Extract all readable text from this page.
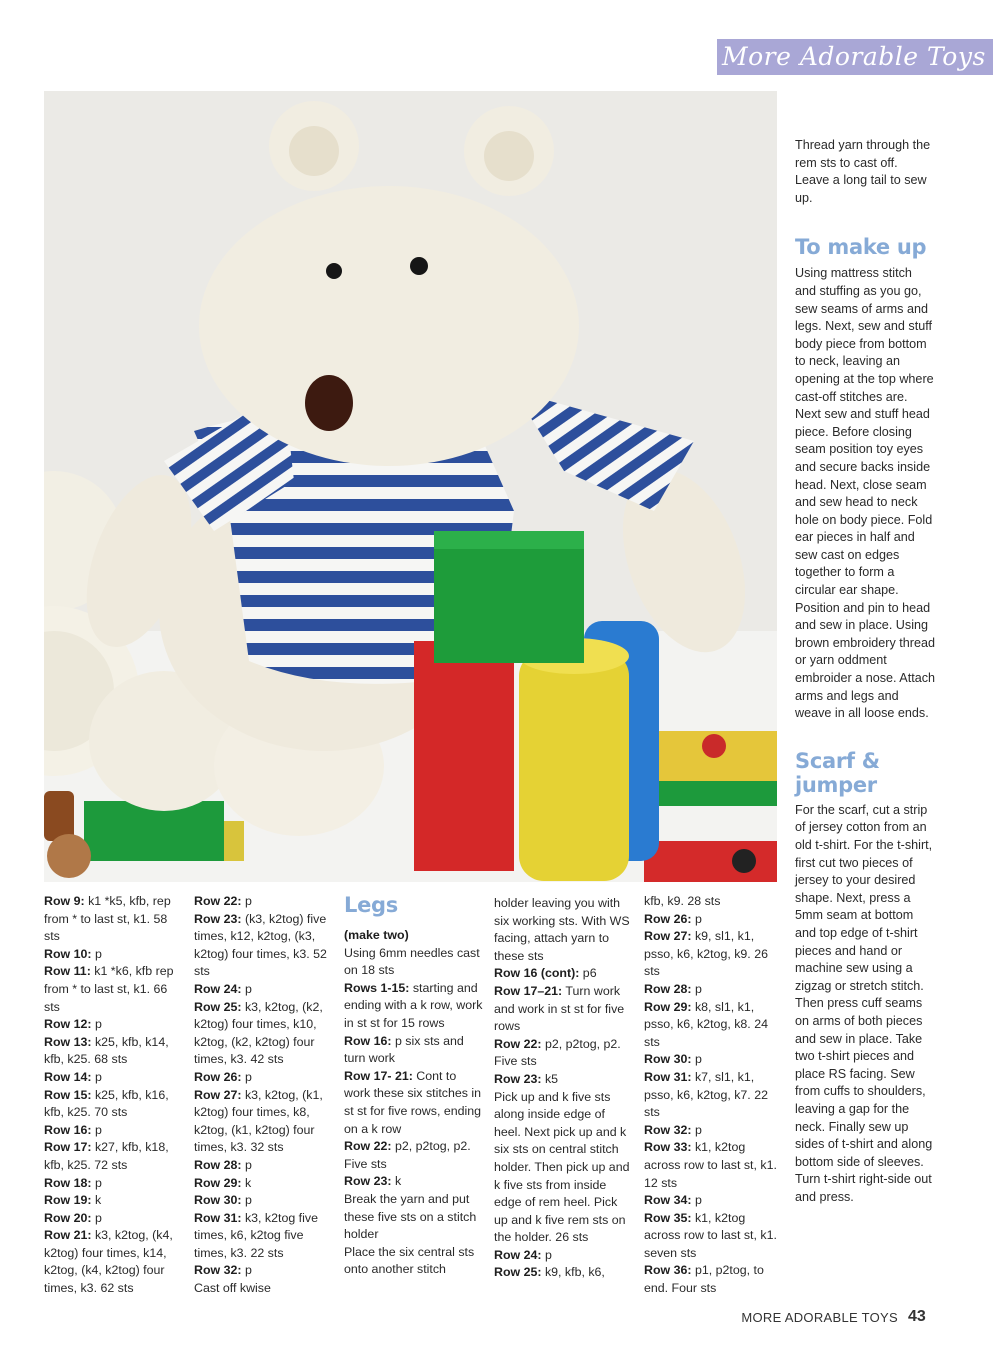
More Adorable Toys

Row 9: k1 *k5, kfb, rep from * to last st, k1. 58 sts

Row 10: p

Row 11: k1 *k6, kfb rep from * to last st, k1. 66 sts

Row 12: p

Row 13: k25, kfb, k14, kfb, k25. 68 sts

Row 14: p

Row 15: k25, kfb, k16, kfb, k25. 70 sts

Row 16: p

Row 17: k27, kfb, k18, kfb, k25. 72 sts

Row 18: p

Row 19: k

Row 20: p

Row 21: k3, k2tog, (k4, k2tog) four times, k14, k2tog, (k4, k2tog) four times, k3. 62 sts

Row 22: p

Row 23: (k3, k2tog) five times, k12, k2tog, (k3, k2tog) four times, k3. 52 sts

Row 24: p

Row 25: k3, k2tog, (k2, k2tog) four times, k10, k2tog, (k2, k2tog) four times, k3. 42 sts

Row 26: p

Row 27: k3, k2tog, (k1, k2tog) four times, k8, k2tog, (k1, k2tog) four times, k3. 32 sts

Row 28: p

Row 29: k

Row 30: p

Row 31: k3, k2tog five times, k6, k2tog five times, k3. 22 sts

Row 32: p

Cast off kwise

Legs

(make two)

Using 6mm needles cast on 18 sts

Rows 1-15: starting and ending with a k row, work in st st for 15 rows

Row 16: p six sts and turn work

Row 17- 21: Cont to work these six stitches in st st for five rows, ending on a k row

Row 22: p2, p2tog, p2. Five sts

Row 23: k

Break the yarn and put these five sts on a stitch holder

Place the six central sts onto another stitch

holder leaving you with six working sts. With WS facing, attach yarn to these sts

Row 16 (cont): p6

Row 17–21: Turn work and work in st st for five rows

Row 22: p2, p2tog, p2. Five sts

Row 23: k5

Pick up and k five sts along inside edge of heel. Next pick up and k six sts on central stitch holder. Then pick up and k five sts from inside edge of rem heel. Pick up and k five rem sts on the holder. 26 sts

Row 24: p

Row 25: k9, kfb, k6,

kfb, k9. 28 sts

Row 26: p

Row 27: k9, sl1, k1, psso, k6, k2tog, k9. 26 sts

Row 28: p

Row 29: k8, sl1, k1, psso, k6, k2tog, k8. 24 sts

Row 30: p

Row 31: k7, sl1, k1, psso, k6, k2tog, k7. 22 sts

Row 32: p

Row 33: k1, k2tog across row to last st, k1. 12 sts

Row 34: p

Row 35: k1, k2tog across row to last st, k1. seven sts

Row 36: p1, p2tog, to end. Four sts

Thread yarn through the rem sts to cast off. Leave a long tail to sew up.

To make up

Using mattress stitch and stuffing as you go, sew seams of arms and legs. Next, sew and stuff body piece from bottom to neck, leaving an opening at the top where cast-off stitches are. Next sew and stuff head piece. Before closing seam position toy eyes and secure backs inside head. Next, close seam and sew head to neck hole on body piece. Fold ear pieces in half and sew cast on edges together to form a circular ear shape. Position and pin to head and sew in place. Using brown embroidery thread or yarn oddment embroider a nose. Attach arms and legs and weave in all loose ends.

Scarf & jumper

For the scarf, cut a strip of jersey cotton from an old t-shirt. For the t-shirt, first cut two pieces of jersey to your desired shape. Next, press a 5mm seam at bottom and top edge of t-shirt pieces and hand or machine sew using a zigzag or stretch stitch. Then press cuff seams on arms of both pieces and sew in place. Take two t-shirt pieces and place RS facing. Sew from cuffs to shoulders, leaving a gap for the neck. Finally sew up sides of t-shirt and along bottom side of sleeves. Turn t-shirt right-side out and press.

MORE ADORABLE TOYS 43
